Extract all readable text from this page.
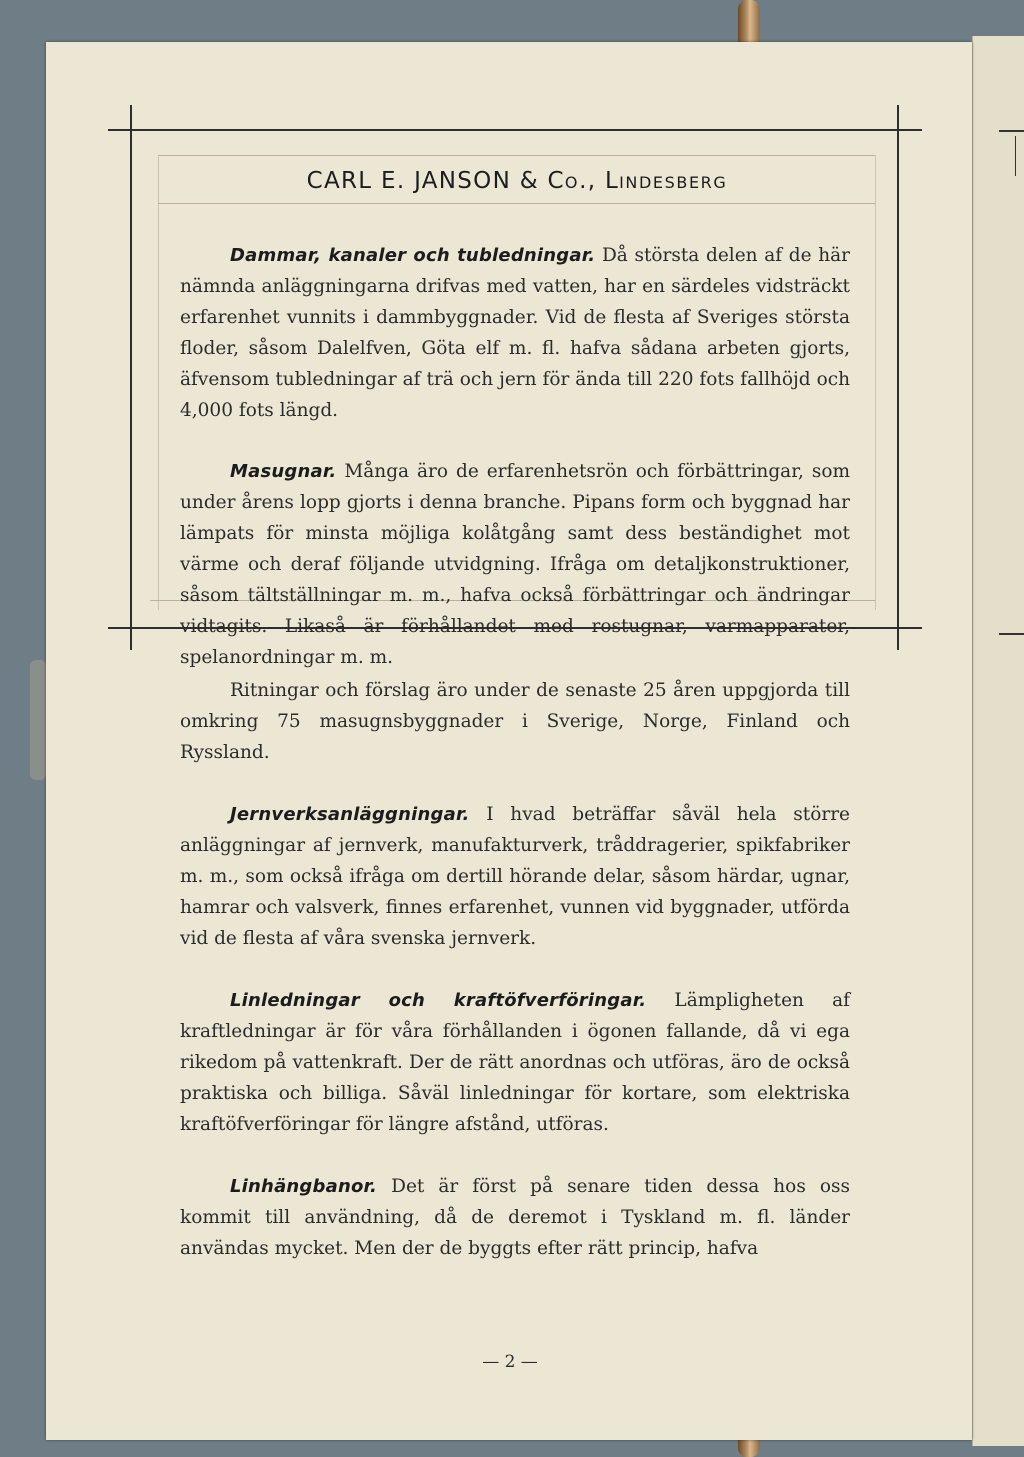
CARL E. JANSON & CO., LINDESBERG

Dammar, kanaler och tubledningar. Då största delen af de här nämnda anläggningarna drifvas med vatten, har en särdeles vidsträckt erfarenhet vunnits i dammbyggnader. Vid de flesta af Sveriges största floder, såsom Dalelfven, Göta elf m. fl. hafva sådana arbeten gjorts, äfvensom tubledningar af trä och jern för ända till 220 fots fallhöjd och 4,000 fots längd.

Masugnar. Många äro de erfarenhetsrön och förbättringar, som under årens lopp gjorts i denna branche. Pipans form och byggnad har lämpats för minsta möjliga kolåtgång samt dess beständighet mot värme och deraf följande utvidgning. Ifråga om detaljkonstruktioner, såsom tältställningar m. m., hafva också förbättringar och ändringar vidtagits. Likaså är förhållandet med rostugnar, varmapparater, spelanordningar m. m.

Ritningar och förslag äro under de senaste 25 åren uppgjorda till omkring 75 masugnsbyggnader i Sverige, Norge, Finland och Ryssland.

Jernverksanläggningar. I hvad beträffar såväl hela större anläggningar af jernverk, manufakturverk, tråddragerier, spikfabriker m. m., som också ifråga om dertill hörande delar, såsom härdar, ugnar, hamrar och valsverk, finnes erfarenhet, vunnen vid byggnader, utförda vid de flesta af våra svenska jernverk.

Linledningar och kraftöfverföringar. Lämpligheten af kraftledningar är för våra förhållanden i ögonen fallande, då vi ega rikedom på vattenkraft. Der de rätt anordnas och utföras, äro de också praktiska och billiga. Såväl linledningar för kortare, som elektriska kraftöfverföringar för längre afstånd, utföras.

Linhängbanor. Det är först på senare tiden dessa hos oss kommit till användning, då de deremot i Tyskland m. fl. länder användas mycket. Men der de byggts efter rätt princip, hafva

— 2 —
